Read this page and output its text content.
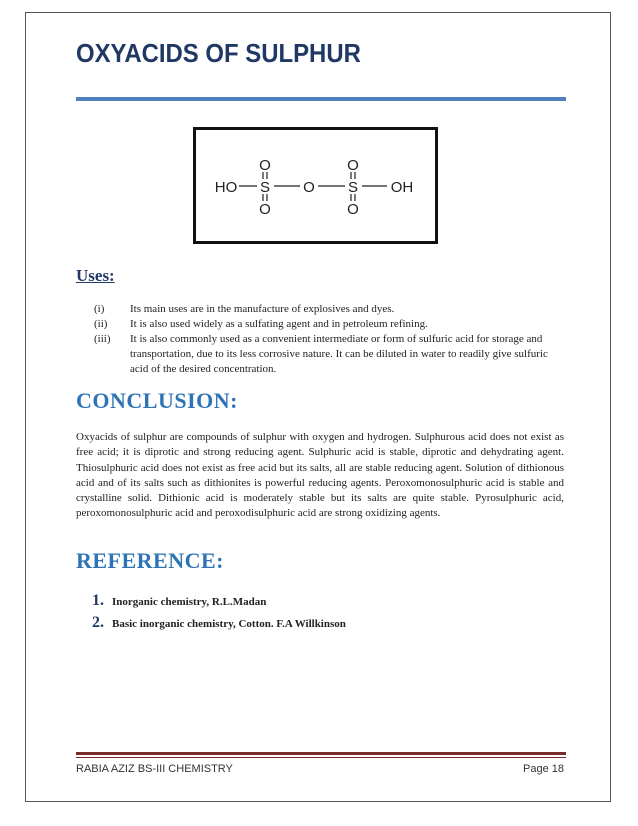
OXYACIDS OF SULPHUR
HO S O S OH
O
O
O
O
Uses:
(i)	Its main uses are in the manufacture of explosives and dyes.
(ii)	It is also used widely as a sulfating agent and in petroleum refining.
(iii)	It is also commonly used as a convenient intermediate or form of sulfuric acid for storage and transportation, due to its less corrosive nature. It can be diluted in water to readily give sulfuric acid of the desired concentration.
CONCLUSION:

Oxyacids of sulphur are compounds of sulphur with oxygen and hydrogen. Sulphurous acid does not exist as free acid; it is diprotic and strong reducing agent. Sulphuric acid is stable, diprotic and dehydrating agent. Thiosulphuric acid does not exist as free acid but its salts, all are stable reducing agent. Solution of dithionous acid and of its salts such as dithionites is powerful reducing agents. Peroxomonosulphuric acid is stable and crystalline solid. Dithionic acid is moderately stable but its salts are quite stable. Pyrosulphuric acid, peroxomonosulphuric acid and peroxodisulphuric acid are strong oxidizing agents.

REFERENCE:
1. Inorganic chemistry, R.L.Madan
2. Basic inorganic chemistry, Cotton. F.A Willkinson
RABIA AZIZ BS-III CHEMISTRY	Page 18
